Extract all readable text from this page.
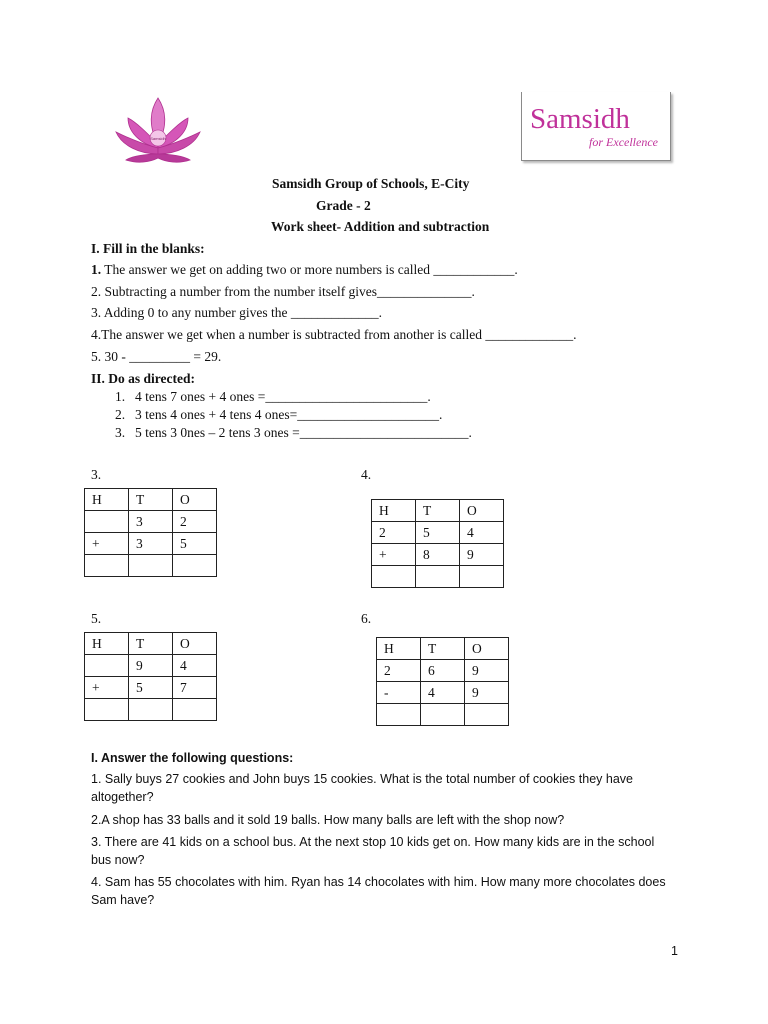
Samsidh
Samsidh
for Excellence
Samsidh Group of Schools, E-City
Grade - 2
Work sheet- Addition and subtraction
I. Fill in the blanks:
1. The answer we get on adding two or more numbers is called ____________.
2. Subtracting a number from the number itself gives______________.
3. Adding 0 to any number gives the _____________.
4.The answer we get when a number is subtracted from another is called _____________.
5. 30 - _________ = 29.
II. Do as directed:
1. 4 tens 7 ones + 4 ones =________________________.
2. 3 tens 4 ones + 4 tens 4 ones=_____________________.
3. 5 tens 3 0nes – 2 tens 3 ones =_________________________.
3.	4.
5.	6.
H	T	O
	3	2
+	3	5

H	T	O
2	5	4
+	8	9

H	T	O
	9	4
+	5	7

H	T	O
2	6	9
-	4	9

I. Answer the following questions:
1. Sally buys 27 cookies and John buys 15 cookies. What is the total number of cookies they have
altogether?
2.A shop has 33 balls and it sold 19 balls. How many balls are left with the shop now?
3. There are 41 kids on a school bus. At the next stop 10 kids get on. How many kids are in the school
bus now?
4. Sam has 55 chocolates with him. Ryan has 14 chocolates with him. How many more chocolates does
Sam have?
1
